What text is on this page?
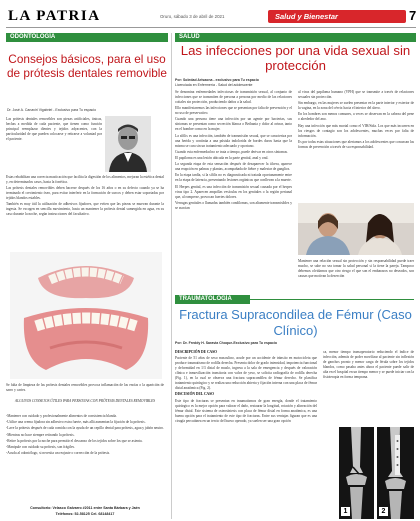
LA PATRIA	Oruro, sábado 3 de abril de 2021	Salud y Bienestar	7
ODONTOLOGÍA
Consejos básicos, para el uso de prótesis dentales removible
Dr. José A. Canaviri Vigabriel - Exclusivo para Tu espacio

Las prótesis dentales removibles son piezas artificiales, únicas, hechas a medida de cada paciente, que tienen como función principal reemplazar dientes y tejidos adyacentes, con la particularidad de que pueden colocarse y retirarse a voluntad por el paciente.

Estas rehabilitan una correcta masticación que facilita la digestión de los alimentos, mejoran la estética dental y, en determinados casos, hasta la fonética.

Las prótesis dentales removibles deben hacerse después de los 16 años o en su defecto cuando ya se ha terminado el crecimiento óseo, para evitar interferir en la formación de surcos y deben estar soportadas por tejidos blandos estables.

También es muy útil la utilización de adhesivos fijadores, que eviten que las piezas se muevan durante la ingesta. Se escogen en sencilla movimiento, hasta un mantener la prótesis dental sumergida en agua, en su caso durante la noche, según instrucciones del facultativo.

Se falta de limpieza de las prótesis dentales removibles provoca inflamación de las encías o la aparición de sarro y caries.
ALGUNOS CONSEJOS ÚTILES PARA PERSONAS CON PRÓTESIS DENTALES REMOVIBLES

-Mantener con cuidado y profesionalmente alimentos de consistencia blanda.

-Utilice una crema fijadora sin adhesivo extra fuerte, más allá aumentan la fijación de la prótesis.

-Lave la prótesis después de cada comida con la ayuda de un cepillo dental para prótesis, agua y jabón neutro.

-Mientras no hace siempre retirando la prótesis.

-Retire la prótesis por la noche para permitir el descanso de los tejidos sobre los que se asienta.

-Manipule con cuidado su prótesis, son frágiles.

-Acuda al odontólogo, si necesita un reajuste o corrección de la prótesis.

Consultorio: Velasco Galvarro #2011 entre Santa Bárbara y Jaén
Teléfonos: 52-58125 Cel. 68148417
SALUD
Las infecciones por una vida sexual sin protección
Por: Soledad Arisaona - exclusivo para Tu espacio
Licenciada en Enfermería - Salud del adolescente

Se denomina enfermedades infecciosas de transmisión sexual, al conjunto de infecciones que se transmiten de persona a persona por medio de las relaciones coitales sin protección, produciendo daños a la salud.

Ello manifestaremos las infecciones que se presentan por falta de prevención y el no uso de preservativo.

Cuando una persona tiene una infección por un agente por bacterias, sus síntomas se presentan como secreción blanca o Bethania y dolor al orinar, tanto en el hombre como en la mujer.

La sífilis es una infección, también de transmisión sexual, que se caracteriza por una herida y continúa a una pústula indolorida de bordes duros hasta que la misma se cura sin un tratamiento adecuado y oportuno.

Cuando esta enfermedad no se trata a tiempo, puede derivar en otros síntomas.

El papiloma es una lesión ubicada en la parte genital, anal y oral.

La segunda etapa de esta sensación después de desaparecer la úlcera, aparece una erupción en palmas y plantas, acompañada de fiebre y malestar de ganglios.

En la etapa tardía, si la sífilis no es diagnosticada ni tratada oportunamente entre en la etapa de latencia, presentando lesiones orgánicas que conllevan a la muerte.

El Herpes genital, es una infección de transmisión sexual causada por el herpes virus tipo 2. Aparecen ampollas vesículas en los genitales o la región perianal que, al romperse, provocan fuertes dolores.

Verrugas genitales o llamadas también condilomas, son altamente transmisibles y se asocian

al virus del papiloma humano (VPH) que se transmite a través de relaciones sexuales sin protección.

Sin embargo, en las mujeres se suelen presentar en la parte interior y exterior de la vagina, en la zona del cérvix hacia el interior del útero.

En los hombres son menos comunes, a veces se observan en la cabeza del pene o alrededor del ano.

Hay una infección que más mortal como el VIH/Sida. Los que más incurren en los riesgos de contagio son los adolescentes, muchas veces por falta de información.

Es por todas estas situaciones que alertamos a los adolescentes que conozcan las formas de prevención a través de su responsabilidad.

Mantener una relación sexual sin protección y sin responsabilidad puede traer mucho, se sabe no sea tomar la salud personal si la tiene la pareja. Tampoco debemos olvidarnos que otro riesgo el que son el embarazos no deseados, son causas que motivan la deserción
TRAUMATOLOGÍA
Fractura Supracondilea de Fémur (Caso Clínico)
Por: Dr. Freddy H. Saravia Choque-Exclusivo para Tu espacio

DESCRIPCIÓN DE CASO

Paciente de 51 años de sexo masculino, acude por un accidente de tránsito en motocicleta que produce traumatismo de rodilla derecha. Presenta dolor de grado intensidad, impotencia funcional y deformidad en 1/3 distal de muslo, ingresa a la sala de emergencia y después de valoración clínica e inmovilización transitoria con valva de yeso, se solicita radiografía de rodilla derecha (Fig. 1), en la cual se observa una fractura supracondílea de fémur derecho. Se planifica tratamiento quirúrgico y se realiza una reducción abierta y fijación interna con una placa de fémur distal anatómica (Fig. 2).

DISCUSIÓN DEL CASO

Este tipo de fracturas se presentan en traumatismos de gran energía, donde el tratamiento quirúrgico es la mejor opción para valorar el daño, restaurar la longitud, rotación y alineación del fémur distal. Este sistema de osteosíntesis con placa de fémur distal en forma anatómica, es una buena opción para el tratamiento de este tipo de fracturas. Entre sus ventajas figuran que es una cirugía percutánea en un tercio del hueso operado, ya suelen ser una gran opción

ca, menor tiempo transoperatorio reduciendo el índice de infección, además de poder movilizar al paciente sin inflexión de ganchos pronto y menor carga de férula sobre los tejidos blandos, como pasaba antes ahora el paciente puede salir de alta en el hospital en un tiempo menor y se puede iniciar con la fisioterapia en forma temprana.
1	2
